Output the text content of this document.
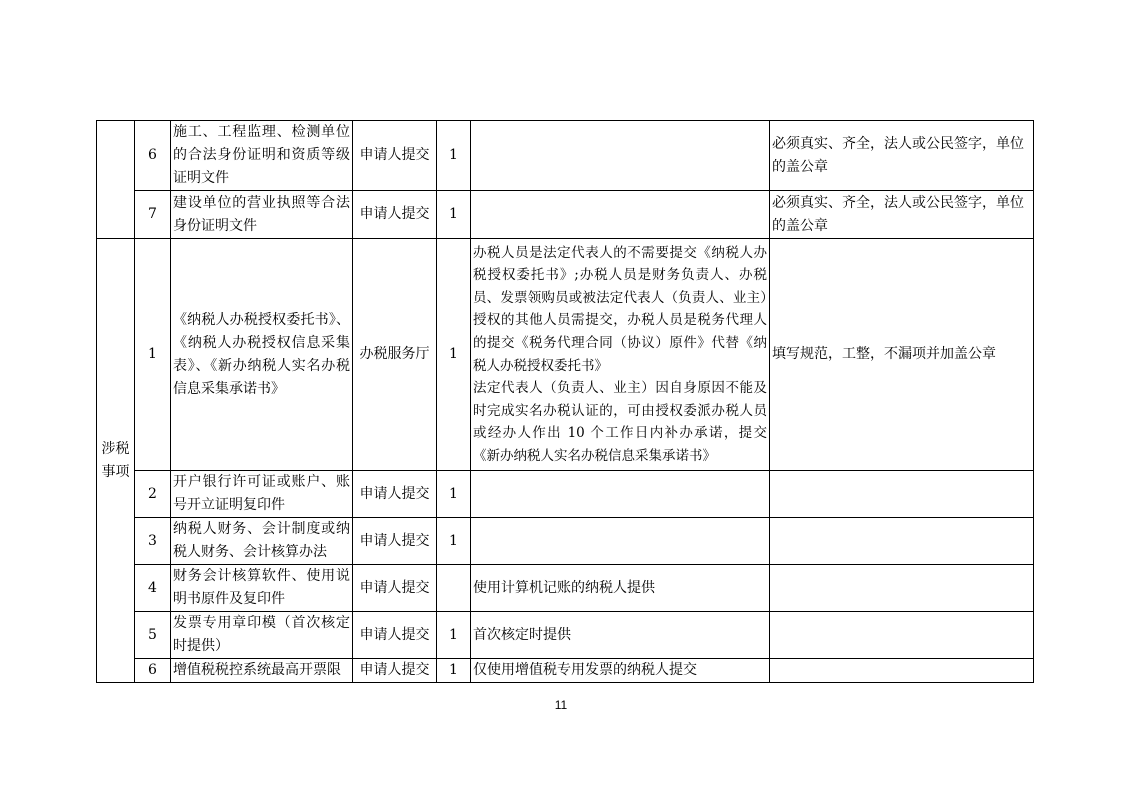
	6	施工、工程监理、检测单位的合法身份证明和资质等级证明文件	申请人提交	1		必须真实、齐全，法人或公民签字，单位的盖公章
	7	建设单位的营业执照等合法身份证明文件	申请人提交	1		必须真实、齐全，法人或公民签字，单位的盖公章

涉税事项	1	《纳税人办税授权委托书》、《纳税人办税授权信息采集表》、《新办纳税人实名办税信息采集承诺书》	办税服务厅	1	办税人员是法定代表人的不需要提交《纳税人办税授权委托书》;办税人员是财务负责人、办税员、发票领购员或被法定代表人（负责人、业主）授权的其他人员需提交，办税人员是税务代理人的提交《税务代理合同（协议）原件》代替《纳税人办税授权委托书》
法定代表人（负责人、业主）因自身原因不能及时完成实名办税认证的，可由授权委派办税人员或经办人作出 10 个工作日内补办承诺，提交《新办纳税人实名办税信息采集承诺书》	填写规范，工整，不漏项并加盖公章
	2	开户银行许可证或账户、账号开立证明复印件	申请人提交	1		
	3	纳税人财务、会计制度或纳税人财务、会计核算办法	申请人提交	1		
	4	财务会计核算软件、使用说明书原件及复印件	申请人提交		使用计算机记账的纳税人提供	
	5	发票专用章印模（首次核定时提供）	申请人提交	1	首次核定时提供	
	6	增值税税控系统最高开票限	申请人提交	1	仅使用增值税专用发票的纳税人提交	
11
